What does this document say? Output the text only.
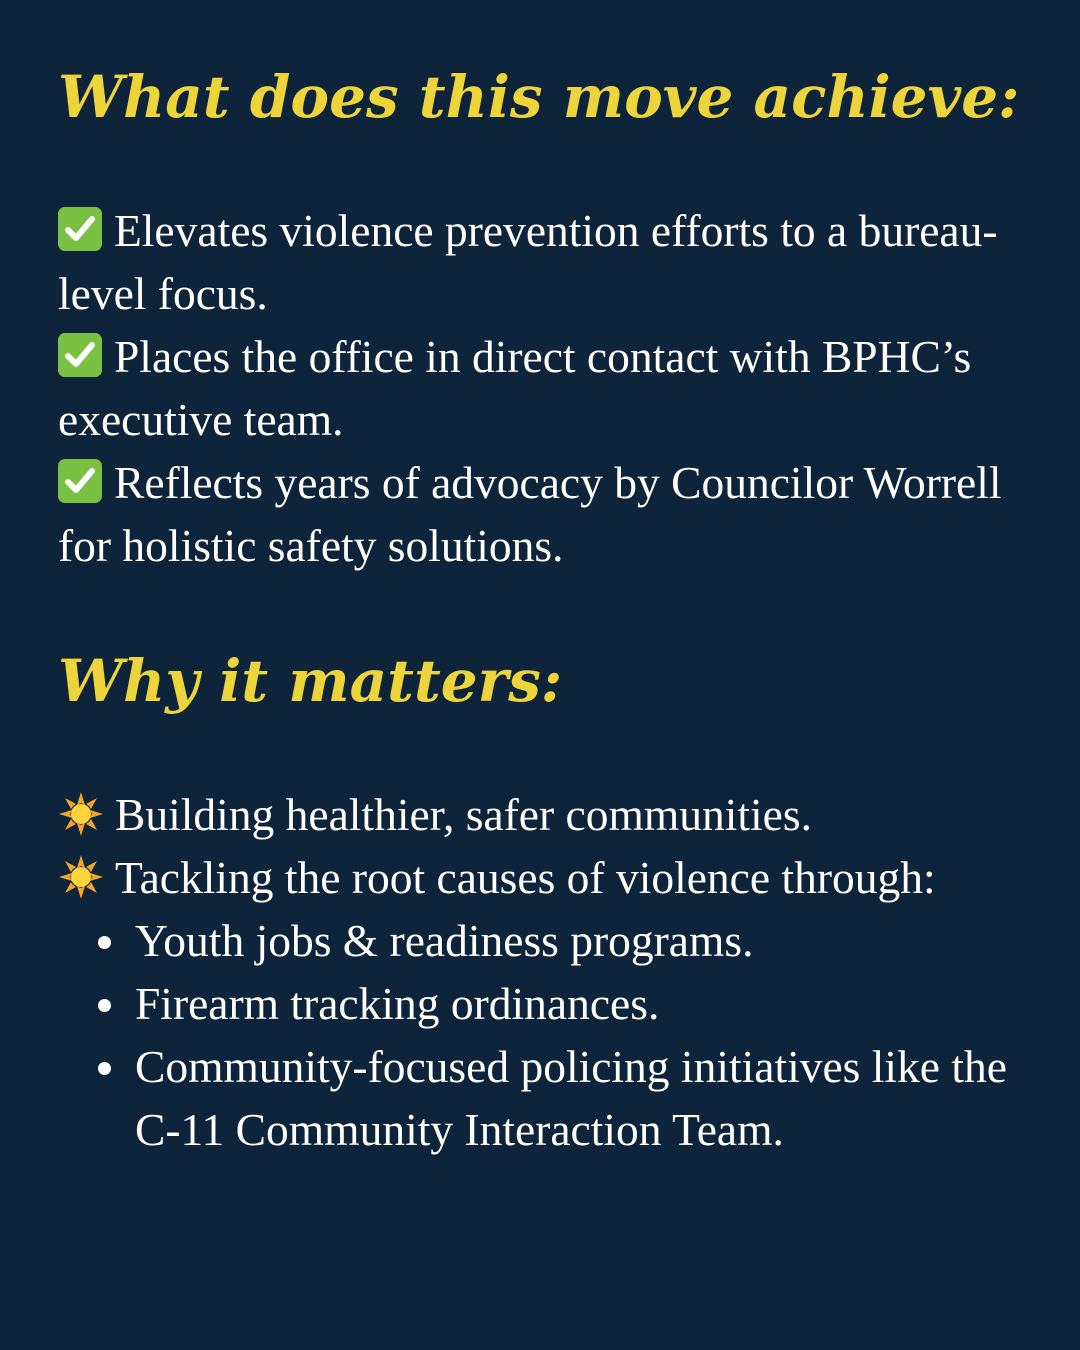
What does this move achieve:

Elevates violence prevention efforts to a bureau-level focus.

Places the office in direct contact with BPHC’s executive team.

Reflects years of advocacy by Councilor Worrell for holistic safety solutions.

Why it matters:

Building healthier, safer communities.

Tackling the root causes of violence through:

Youth jobs & readiness programs.
Firearm tracking ordinances.
Community-focused policing initiatives like the C-11 Community Interaction Team.
